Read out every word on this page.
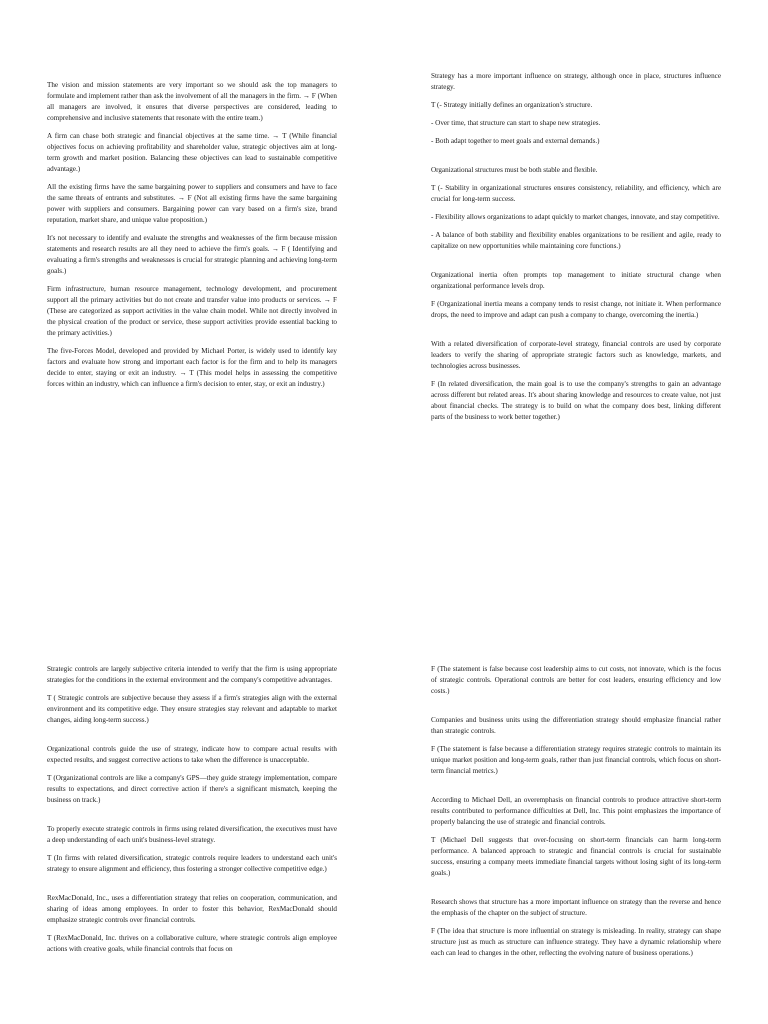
The vision and mission statements are very important so we should ask the top managers to formulate and implement rather than ask the involvement of all the managers in the firm. → F (When all managers are involved, it ensures that diverse perspectives are considered, leading to comprehensive and inclusive statements that resonate with the entire team.)

A firm can chase both strategic and financial objectives at the same time. → T (While financial objectives focus on achieving profitability and shareholder value, strategic objectives aim at long-term growth and market position. Balancing these objectives can lead to sustainable competitive advantage.)

All the existing firms have the same bargaining power to suppliers and consumers and have to face the same threats of entrants and substitutes. → F (Not all existing firms have the same bargaining power with suppliers and consumers. Bargaining power can vary based on a firm's size, brand reputation, market share, and unique value proposition.)

It's not necessary to identify and evaluate the strengths and weaknesses of the firm because mission statements and research results are all they need to achieve the firm's goals. → F ( Identifying and evaluating a firm's strengths and weaknesses is crucial for strategic planning and achieving long-term goals.)

Firm infrastructure, human resource management, technology development, and procurement support all the primary activities but do not create and transfer value into products or services. → F (These are categorized as support activities in the value chain model. While not directly involved in the physical creation of the product or service, these support activities provide essential backing to the primary activities.)

The five-Forces Model, developed and provided by Michael Porter, is widely used to identify key factors and evaluate how strong and important each factor is for the firm and to help its managers decide to enter, staying or exit an industry. → T (This model helps in assessing the competitive forces within an industry, which can influence a firm's decision to enter, stay, or exit an industry.)

Strategy has a more important influence on strategy, although once in place, structures influence strategy.

T (- Strategy initially defines an organization's structure.

- Over time, that structure can start to shape new strategies.

- Both adapt together to meet goals and external demands.)

Organizational structures must be both stable and flexible.

T (- Stability in organizational structures ensures consistency, reliability, and efficiency, which are crucial for long-term success.

- Flexibility allows organizations to adapt quickly to market changes, innovate, and stay competitive.

- A balance of both stability and flexibility enables organizations to be resilient and agile, ready to capitalize on new opportunities while maintaining core functions.)

Organizational inertia often prompts top management to initiate structural change when organizational performance levels drop.

F (Organizational inertia means a company tends to resist change, not initiate it. When performance drops, the need to improve and adapt can push a company to change, overcoming the inertia.)

With a related diversification of corporate-level strategy, financial controls are used by corporate leaders to verify the sharing of appropriate strategic factors such as knowledge, markets, and technologies across businesses.

F (In related diversification, the main goal is to use the company's strengths to gain an advantage across different but related areas. It's about sharing knowledge and resources to create value, not just about financial checks. The strategy is to build on what the company does best, linking different parts of the business to work better together.)

Strategic controls are largely subjective criteria intended to verify that the firm is using appropriate strategies for the conditions in the external environment and the company's competitive advantages.

T ( Strategic controls are subjective because they assess if a firm's strategies align with the external environment and its competitive edge. They ensure strategies stay relevant and adaptable to market changes, aiding long-term success.)

Organizational controls guide the use of strategy, indicate how to compare actual results with expected results, and suggest corrective actions to take when the difference is unacceptable.

T (Organizational controls are like a company's GPS—they guide strategy implementation, compare results to expectations, and direct corrective action if there's a significant mismatch, keeping the business on track.)

To properly execute strategic controls in firms using related diversification, the executives must have a deep understanding of each unit's business-level strategy.

T (In firms with related diversification, strategic controls require leaders to understand each unit's strategy to ensure alignment and efficiency, thus fostering a stronger collective competitive edge.)

RexMacDonald, Inc., uses a differentiation strategy that relies on cooperation, communication, and sharing of ideas among employees. In order to foster this behavior, RexMacDonald should emphasize strategic controls over financial controls.

T (RexMacDonald, Inc. thrives on a collaborative culture, where strategic controls align employee actions with creative goals, while financial controls that focus on

F (The statement is false because cost leadership aims to cut costs, not innovate, which is the focus of strategic controls. Operational controls are better for cost leaders, ensuring efficiency and low costs.)

Companies and business units using the differentiation strategy should emphasize financial rather than strategic controls.

F (The statement is false because a differentiation strategy requires strategic controls to maintain its unique market position and long-term goals, rather than just financial controls, which focus on short-term financial metrics.)

According to Michael Dell, an overemphasis on financial controls to produce attractive short-term results contributed to performance difficulties at Dell, Inc. This point emphasizes the importance of properly balancing the use of strategic and financial controls.

T (Michael Dell suggests that over-focusing on short-term financials can harm long-term performance. A balanced approach to strategic and financial controls is crucial for sustainable success, ensuring a company meets immediate financial targets without losing sight of its long-term goals.)

Research shows that structure has a more important influence on strategy than the reverse and hence the emphasis of the chapter on the subject of structure.

F (The idea that structure is more influential on strategy is misleading. In reality, strategy can shape structure just as much as structure can influence strategy. They have a dynamic relationship where each can lead to changes in the other, reflecting the evolving nature of business operations.)
